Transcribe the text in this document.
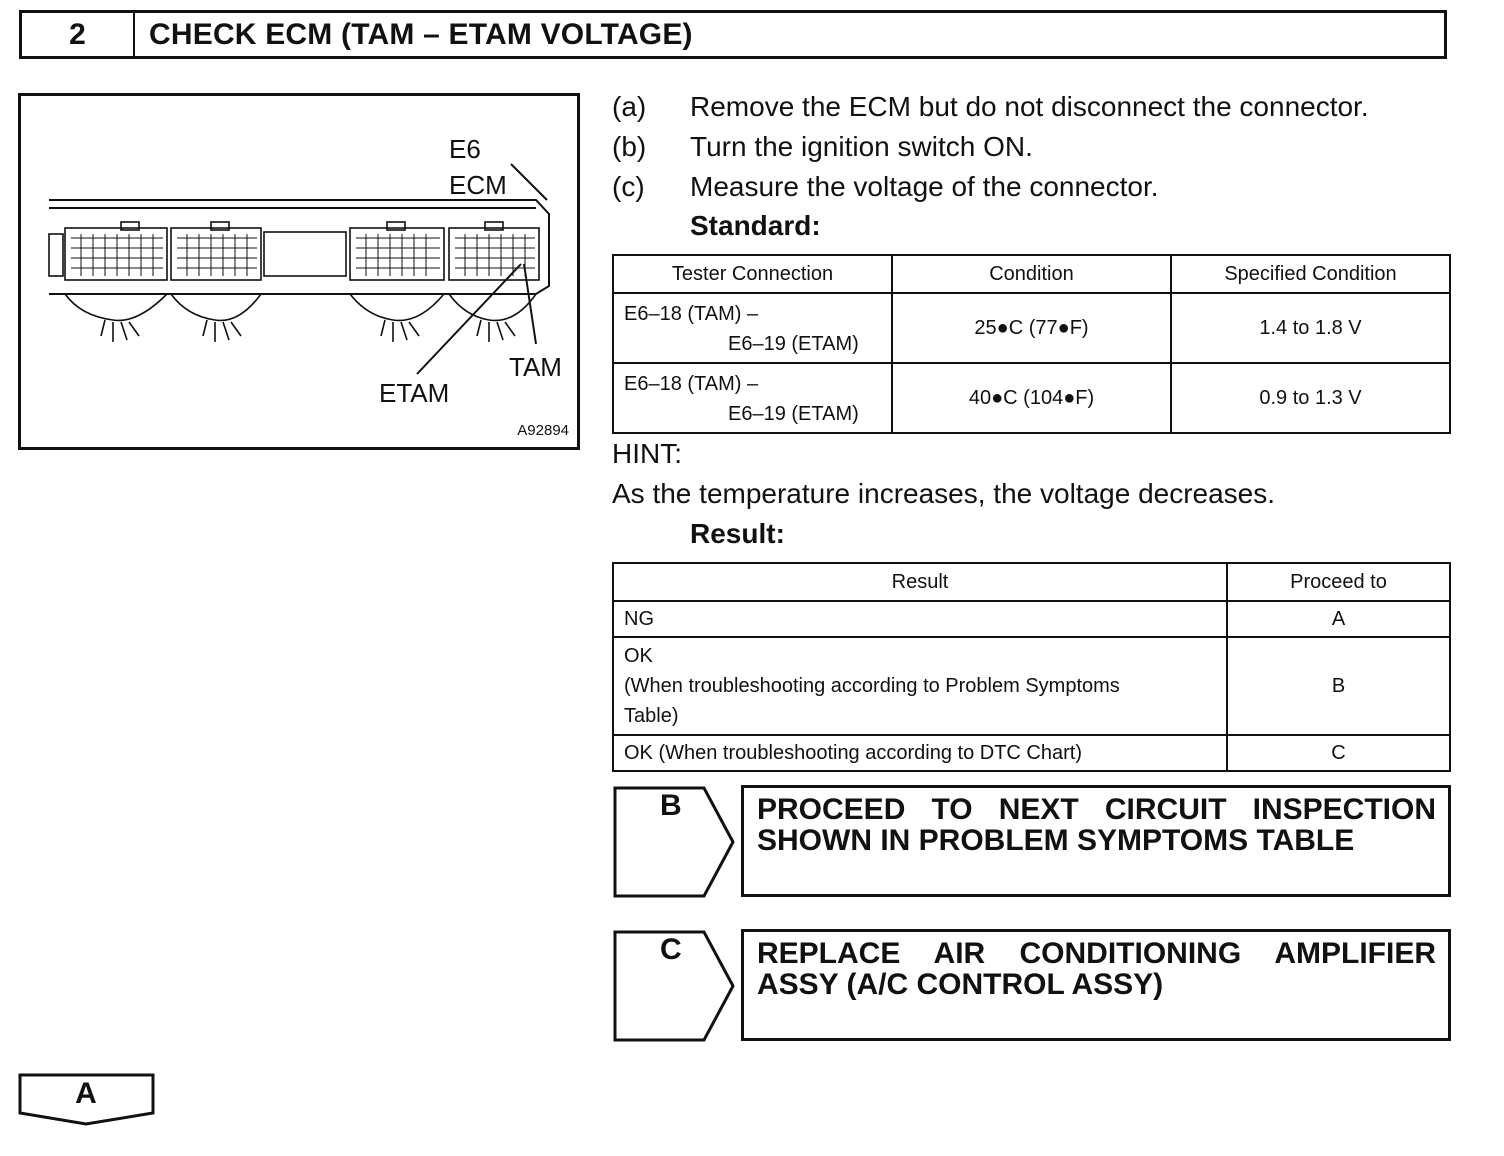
2	CHECK ECM (TAM – ETAM VOLTAGE)
E6
ECM
TAM
ETAM
A92894
(a) Remove the ECM but do not disconnect the connector.
(b) Turn the ignition switch ON.
(c) Measure the voltage of the connector.
Standard:
Tester Connection	Condition	Specified Condition
E6–18 (TAM) –
E6–19 (ETAM)	25●C (77●F)	1.4 to 1.8 V
E6–18 (TAM) –
E6–19 (ETAM)	40●C (104●F)	0.9 to 1.3 V
HINT:
As the temperature increases, the voltage decreases.
Result:
Result	Proceed to

NG	A

OK
(When troubleshooting according to Problem Symptoms
Table)	B

OK (When troubleshooting according to DTC Chart)	C
B	PROCEED TO NEXT CIRCUIT INSPECTION
SHOWN IN PROBLEM SYMPTOMS TABLE
C	REPLACE AIR CONDITIONING AMPLIFIER
ASSY (A/C CONTROL ASSY)
A
